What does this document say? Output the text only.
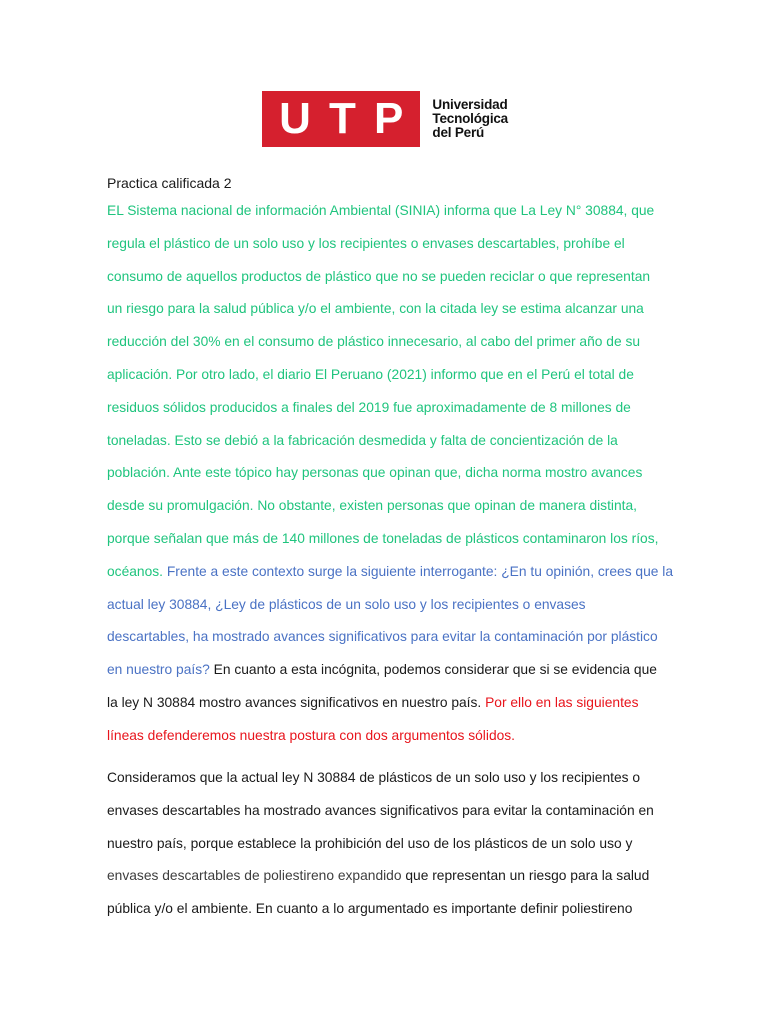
U T P Universidad
Tecnológica
del Perú
Practica calificada 2
EL Sistema nacional de información Ambiental (SINIA) informa que La Ley N° 30884, que
regula el plástico de un solo uso y los recipientes o envases descartables, prohíbe el
consumo de aquellos productos de plástico que no se pueden reciclar o que representan
un riesgo para la salud pública y/o el ambiente, con la citada ley se estima alcanzar una
reducción del 30% en el consumo de plástico innecesario, al cabo del primer año de su
aplicación. Por otro lado, el diario El Peruano (2021) informo que en el Perú el total de
residuos sólidos producidos a finales del 2019 fue aproximadamente de 8 millones de
toneladas. Esto se debió a la fabricación desmedida y falta de concientización de la
población. Ante este tópico hay personas que opinan que, dicha norma mostro avances
desde su promulgación. No obstante, existen personas que opinan de manera distinta,
porque señalan que más de 140 millones de toneladas de plásticos contaminaron los ríos,
océanos. Frente a este contexto surge la siguiente interrogante: ¿En tu opinión, crees que la
actual ley 30884, ¿Ley de plásticos de un solo uso y los recipientes o envases
descartables, ha mostrado avances significativos para evitar la contaminación por plástico
en nuestro país? En cuanto a esta incógnita, podemos considerar que si se evidencia que
la ley N 30884 mostro avances significativos en nuestro país. Por ello en las siguientes
líneas defenderemos nuestra postura con dos argumentos sólidos.
Consideramos que la actual ley N 30884 de plásticos de un solo uso y los recipientes o
envases descartables ha mostrado avances significativos para evitar la contaminación en
nuestro país, porque establece la prohibición del uso de los plásticos de un solo uso y
envases descartables de poliestireno expandido que representan un riesgo para la salud
pública y/o el ambiente. En cuanto a lo argumentado es importante definir poliestireno
